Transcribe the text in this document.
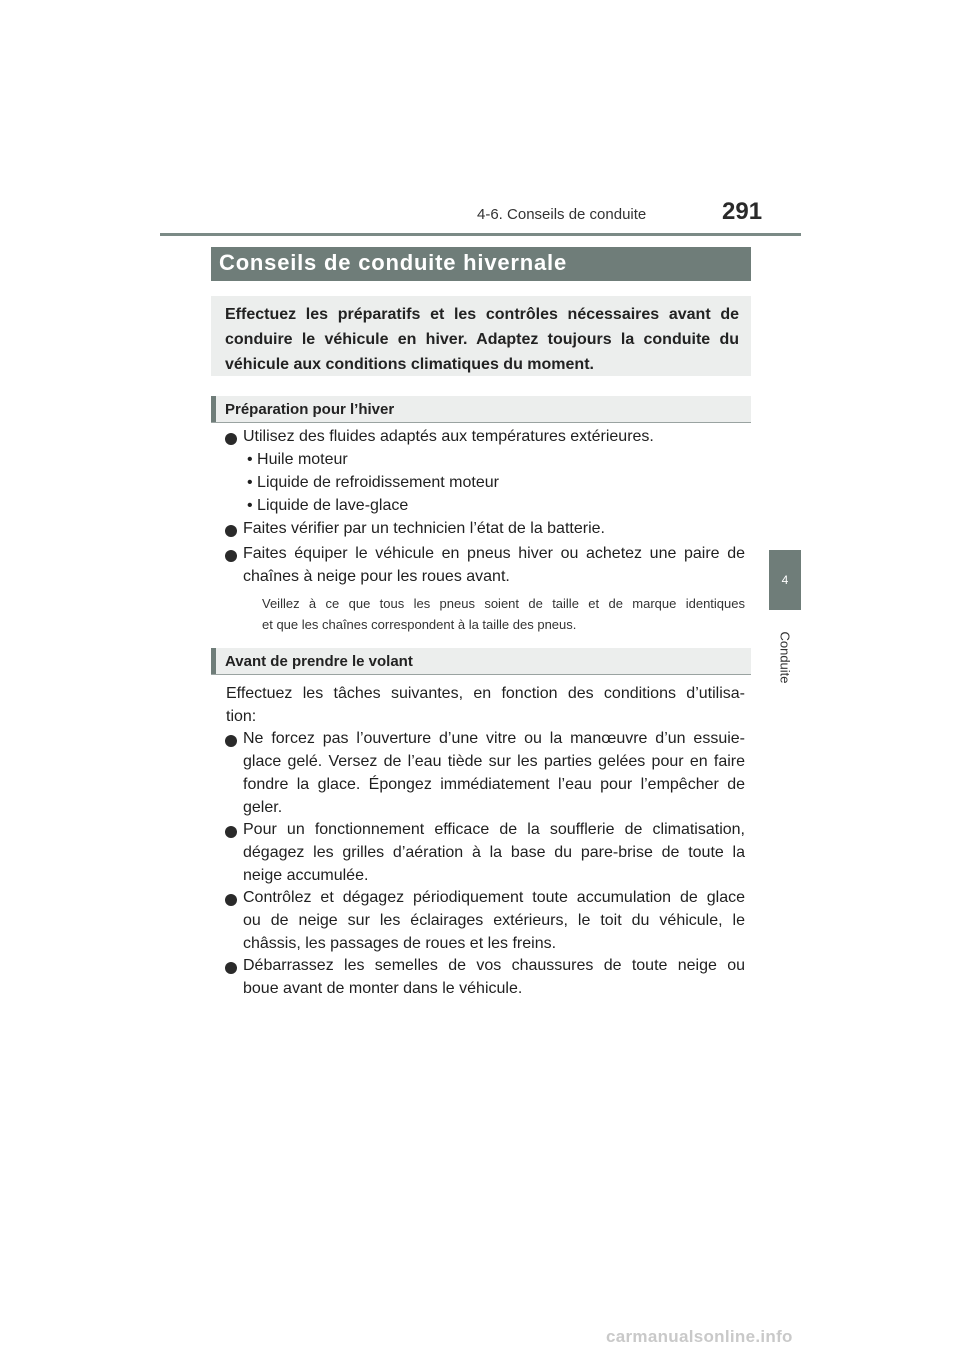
4-6. Conseils de conduite	291
4
Conduite
Conseils de conduite hivernale
Effectuez les préparatifs et les contrôles nécessaires avant de conduire le véhicule en hiver. Adaptez toujours la conduite du véhicule aux conditions climatiques du moment.
Préparation pour l’hiver
Utilisez des fluides adaptés aux températures extérieures.
• Huile moteur
• Liquide de refroidissement moteur
• Liquide de lave-glace
Faites vérifier par un technicien l’état de la batterie.
Faites équiper le véhicule en pneus hiver ou achetez une paire de
chaînes à neige pour les roues avant.
Veillez à ce que tous les pneus soient de taille et de marque identiques
et que les chaînes correspondent à la taille des pneus.
Avant de prendre le volant
Effectuez les tâches suivantes, en fonction des conditions d’utilisa-
tion:
Ne forcez pas l’ouverture d’une vitre ou la manœuvre d’un essuie-
glace gelé. Versez de l’eau tiède sur les parties gelées pour en faire
fondre la glace. Épongez immédiatement l’eau pour l’empêcher de
geler.
Pour un fonctionnement efficace de la soufflerie de climatisation,
dégagez les grilles d’aération à la base du pare-brise de toute la
neige accumulée.
Contrôlez et dégagez périodiquement toute accumulation de glace
ou de neige sur les éclairages extérieurs, le toit du véhicule, le
châssis, les passages de roues et les freins.
Débarrassez les semelles de vos chaussures de toute neige ou
boue avant de monter dans le véhicule.
carmanualsonline.info
